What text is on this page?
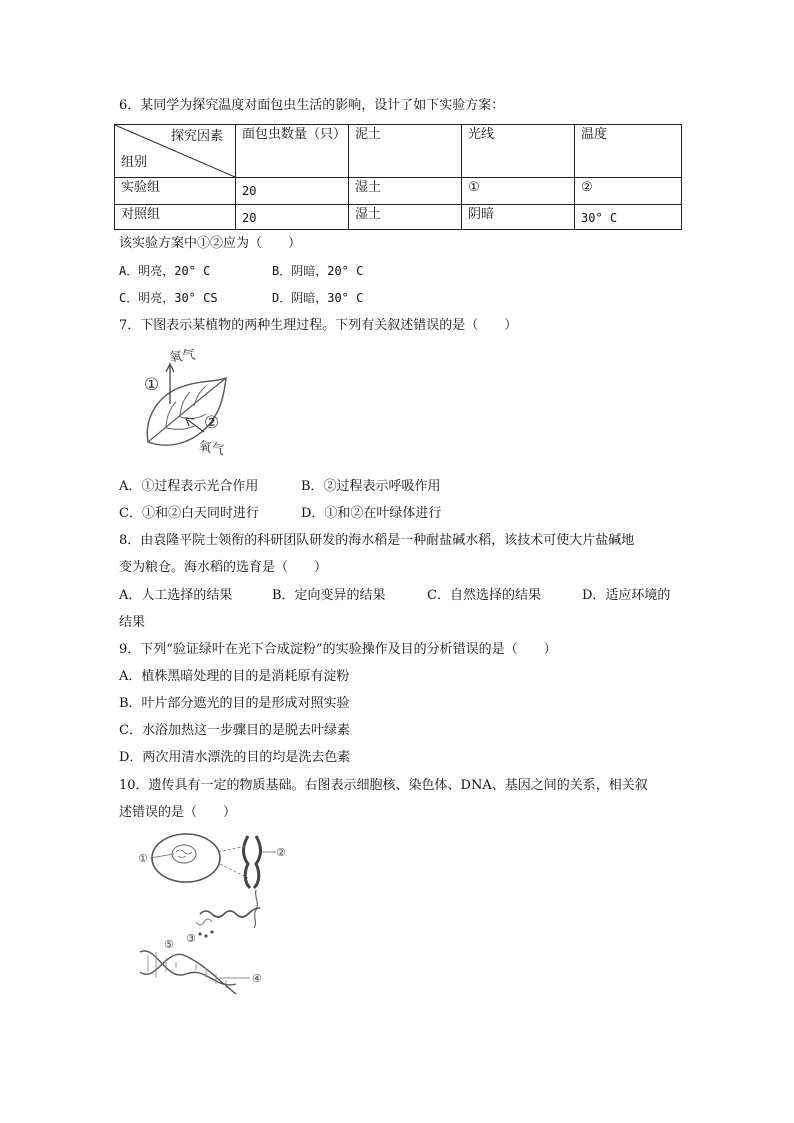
6．某同学为探究温度对面包虫生活的影响，设计了如下实验方案：
探究因素
组别	面包虫数量（只）	泥土	光线	温度
实验组	20	湿土	①	②
对照组	20	湿土	阴暗	30° C
该实验方案中①②应为（　　）
A．明亮，20° C	B．阴暗，20° C
C．明亮，30° CS	D．阴暗，30° C
7．下图表示某植物的两种生理过程。下列有关叙述错误的是（　　）
①
②
氧气
氧气
A．①过程表示光合作用	B．②过程表示呼吸作用
C．①和②白天同时进行	D．①和②在叶绿体进行
8．由袁隆平院士领衔的科研团队研发的海水稻是一种耐盐碱水稻，该技术可使大片盐碱地
变为粮仓。海水稻的选育是（　　）
A．人工选择的结果	B．定向变异的结果	C．自然选择的结果	D．适应环境的
结果
9．下列“验证绿叶在光下合成淀粉”的实验操作及目的分析错误的是（　　）
A．植株黑暗处理的目的是消耗原有淀粉
B．叶片部分遮光的目的是形成对照实验
C．水浴加热这一步骤目的是脱去叶绿素
D．两次用清水漂洗的目的均是洗去色素
10．遗传具有一定的物质基础。右图表示细胞核、染色体、DNA、基因之间的关系，相关叙
述错误的是（　　）
①	②
③
⑤
④
